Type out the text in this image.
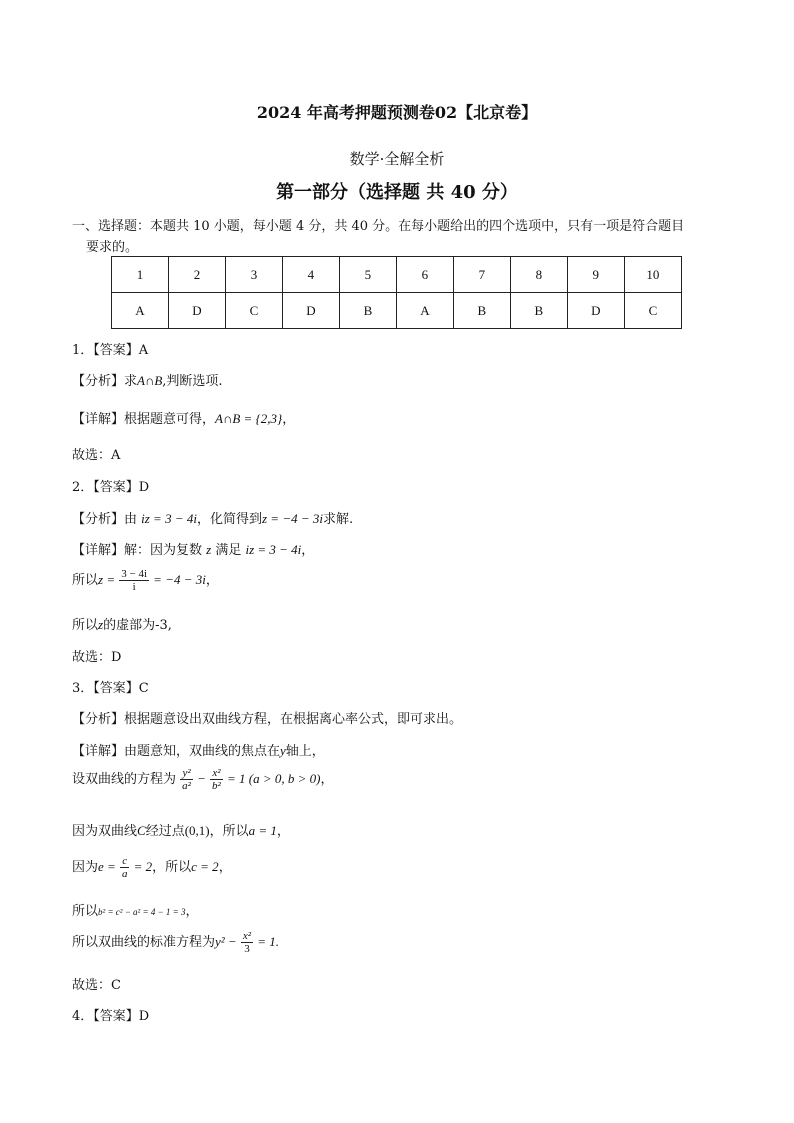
2024 年高考押题预测卷02【北京卷】
数学·全解全析
第一部分（选择题 共 40 分）
一、选择题：本题共 10 小题，每小题 4 分，共 40 分。在每小题给出的四个选项中，只有一项是符合题目
要求的。
1	2	3	4	5	6	7	8	9	10
A	D	C	D	B	A	B	B	D	C
1．【答案】A
【分析】求A∩B,判断选项.
【详解】根据题意可得，A∩B = {2,3}，
故选：A
2．【答案】D
【分析】由 iz = 3 − 4i，化简得到z = −4 − 3i求解.
【详解】解：因为复数 z 满足 iz = 3 − 4i，
所以$z = \frac{3 - 4i}{i} = -4 - 3i$，
所以z的虚部为-3,
故选：D
3．【答案】C
【分析】根据题意设出双曲线方程，在根据离心率公式，即可求出。
【详解】由题意知，双曲线的焦点在y轴上，
设双曲线的方程为 $\frac{\text{y²}}{\text{a²}} - \frac{\text{x²}}{\text{b²}} = 1$ (a > 0, b > 0)，
因为双曲线C经过点(0,1)，所以a = 1，
因为$e = \frac{c}{a} = 2$，所以c = 2，
所以b² = c² − a² = 4 − 1 = 3，
所以双曲线的标准方程为$y^2 - \frac{\text{x²}}{3} = 1$.
故选：C
4．【答案】D
